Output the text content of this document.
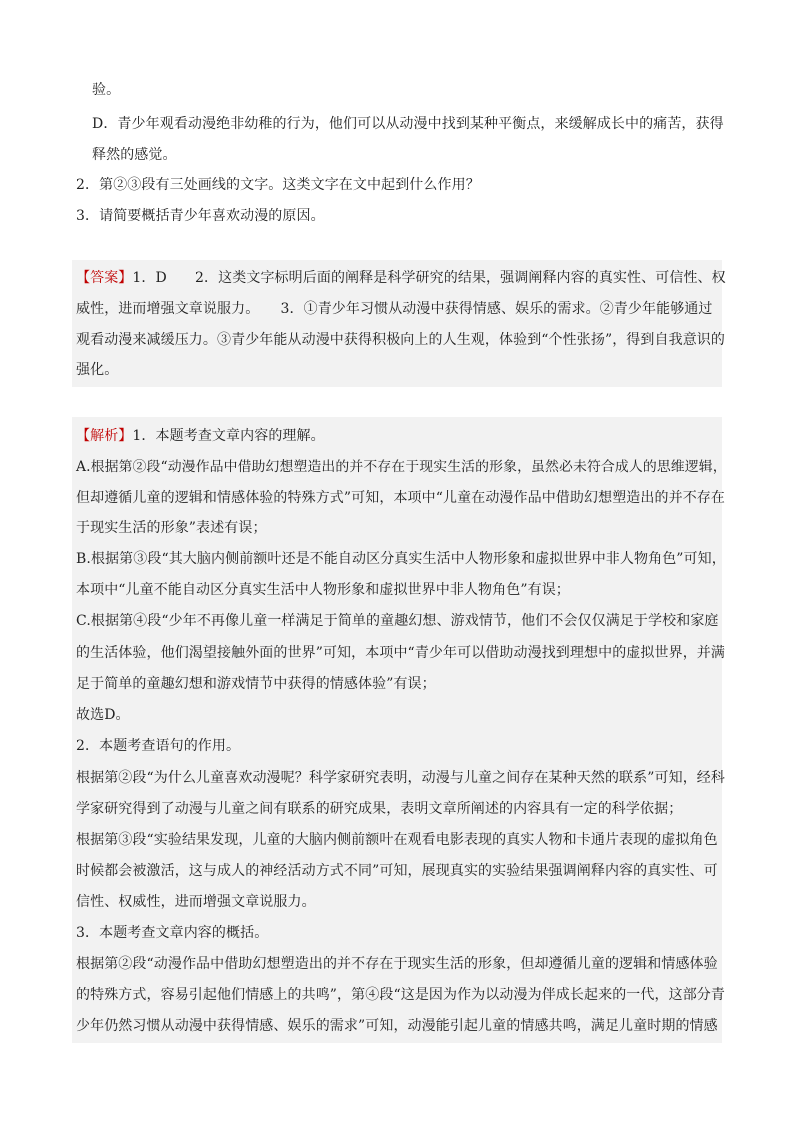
验。
D．青少年观看动漫绝非幼稚的行为，他们可以从动漫中找到某种平衡点，来缓解成长中的痛苦，获得
释然的感觉。
2．第②③段有三处画线的文字。这类文字在文中起到什么作用？
3．请简要概括青少年喜欢动漫的原因。
【答案】1．D　　2．这类文字标明后面的阐释是科学研究的结果，强调阐释内容的真实性、可信性、权
威性，进而增强文章说服力。　　3．①青少年习惯从动漫中获得情感、娱乐的需求。②青少年能够通过
观看动漫来减缓压力。③青少年能从动漫中获得积极向上的人生观，体验到“个性张扬”，得到自我意识的
强化。
【解析】1．本题考查文章内容的理解。
A.根据第②段“动漫作品中借助幻想塑造出的并不存在于现实生活的形象，虽然必未符合成人的思维逻辑，
但却遵循儿童的逻辑和情感体验的特殊方式”可知，本项中“儿童在动漫作品中借助幻想塑造出的并不存在
于现实生活的形象”表述有误；
B.根据第③段“其大脑内侧前额叶还是不能自动区分真实生活中人物形象和虚拟世界中非人物角色”可知，
本项中“儿童不能自动区分真实生活中人物形象和虚拟世界中非人物角色”有误；
C.根据第④段“少年不再像儿童一样满足于简单的童趣幻想、游戏情节，他们不会仅仅满足于学校和家庭
的生活体验，他们渴望接触外面的世界”可知，本项中“青少年可以借助动漫找到理想中的虚拟世界，并满
足于简单的童趣幻想和游戏情节中获得的情感体验”有误；
故选D。
2．本题考查语句的作用。
根据第②段“为什么儿童喜欢动漫呢？科学家研究表明，动漫与儿童之间存在某种天然的联系”可知，经科
学家研究得到了动漫与儿童之间有联系的研究成果，表明文章所阐述的内容具有一定的科学依据；
根据第③段“实验结果发现，儿童的大脑内侧前额叶在观看电影表现的真实人物和卡通片表现的虚拟角色
时候都会被激活，这与成人的神经活动方式不同”可知，展现真实的实验结果强调阐释内容的真实性、可
信性、权威性，进而增强文章说服力。
3．本题考查文章内容的概括。
根据第②段“动漫作品中借助幻想塑造出的并不存在于现实生活的形象，但却遵循儿童的逻辑和情感体验
的特殊方式，容易引起他们情感上的共鸣”，第④段“这是因为作为以动漫为伴成长起来的一代，这部分青
少年仍然习惯从动漫中获得情感、娱乐的需求”可知，动漫能引起儿童的情感共鸣，满足儿童时期的情感
